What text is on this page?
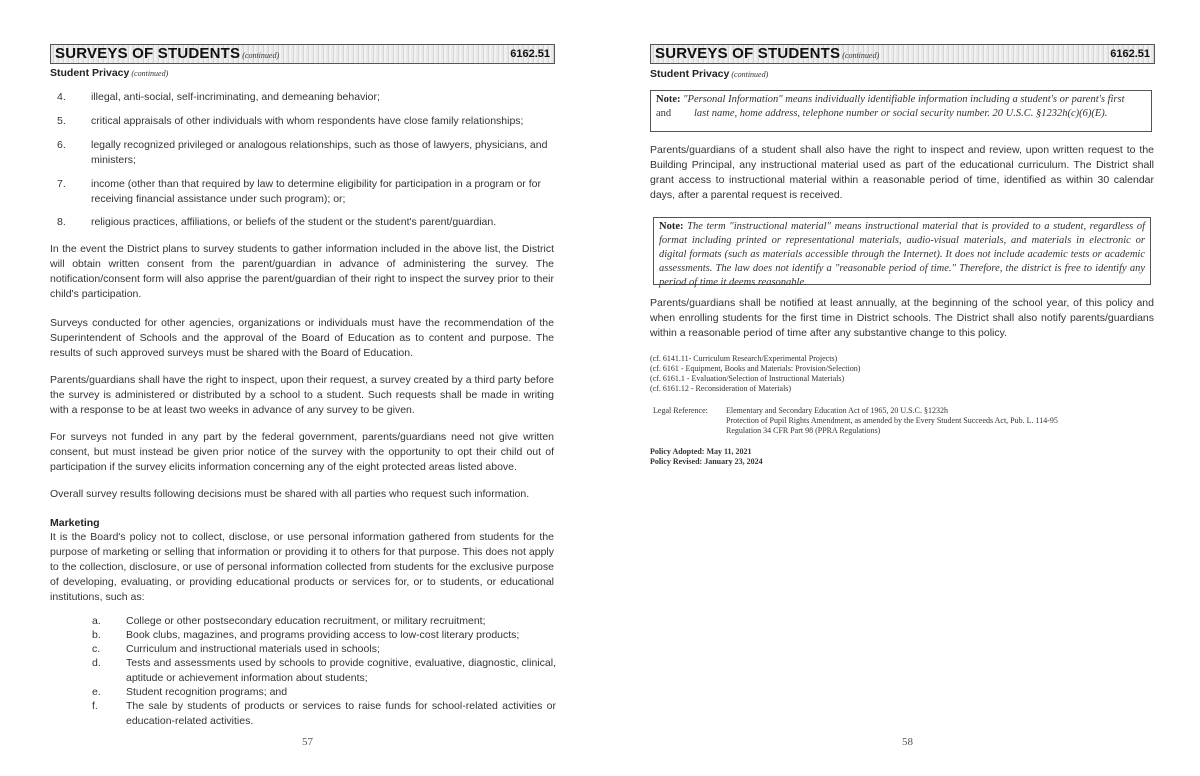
SURVEYS OF STUDENTS (continued)	6162.51
Student Privacy (continued)
4. illegal, anti-social, self-incriminating, and demeaning behavior;
5. critical appraisals of other individuals with whom respondents have close family relationships;
6. legally recognized privileged or analogous relationships, such as those of lawyers, physicians, and ministers;
7. income (other than that required by law to determine eligibility for participation in a program or for receiving financial assistance under such program); or;
8. religious practices, affiliations, or beliefs of the student or the student's parent/guardian.
In the event the District plans to survey students to gather information included in the above list, the District will obtain written consent from the parent/guardian in advance of administering the survey. The notification/consent form will also apprise the parent/guardian of their right to inspect the survey prior to their child's participation.
Surveys conducted for other agencies, organizations or individuals must have the recommendation of the Superintendent of Schools and the approval of the Board of Education as to content and purpose. The results of such approved surveys must be shared with the Board of Education.
Parents/guardians shall have the right to inspect, upon their request, a survey created by a third party before the survey is administered or distributed by a school to a student. Such requests shall be made in writing with a response to be at least two weeks in advance of any survey to be given.
For surveys not funded in any part by the federal government, parents/guardians need not give written consent, but must instead be given prior notice of the survey with the opportunity to opt their child out of participation if the survey elicits information concerning any of the eight protected areas listed above.
Overall survey results following decisions must be shared with all parties who request such information.
Marketing
It is the Board's policy not to collect, disclose, or use personal information gathered from students for the purpose of marketing or selling that information or providing it to others for that purpose. This does not apply to the collection, disclosure, or use of personal information collected from students for the exclusive purpose of developing, evaluating, or providing educational products or services for, or to students, or educational institutions, such as:
a. College or other postsecondary education recruitment, or military recruitment;
b. Book clubs, magazines, and programs providing access to low-cost literary products;
c. Curriculum and instructional materials used in schools;
d. Tests and assessments used by schools to provide cognitive, evaluative, diagnostic, clinical, aptitude or achievement information about students;
e. Student recognition programs; and
f.	The sale by students of products or services to raise funds for school-related activities or education-related activities.
57
SURVEYS OF STUDENTS (continued)	6162.51
Student Privacy (continued)
Note: "Personal Information" means individually identifiable information including a student's or parent's first
and last name, home address, telephone number or social security number. 20 U.S.C. §1232h(c)(6)(E).
Parents/guardians of a student shall also have the right to inspect and review, upon written request to the Building Principal, any instructional material used as part of the educational curriculum. The District shall grant access to instructional material within a reasonable period of time, identified as within 30 calendar days, after a parental request is received.
Note: The term "instructional material" means instructional material that is provided to a student, regardless of format including printed or representational materials, audio-visual materials, and materials in electronic or digital formats (such as materials accessible through the Internet). It does not include academic tests or academic assessments. The law does not identify a "reasonable period of time." Therefore, the district is free to identify any period of time it deems reasonable.
Parents/guardians shall be notified at least annually, at the beginning of the school year, of this policy and when enrolling students for the first time in District schools. The District shall also notify parents/guardians within a reasonable period of time after any substantive change to this policy.
(cf. 6141.11- Curriculum Research/Experimental Projects)
(cf. 6161 - Equipment, Books and Materials: Provision/Selection)
(cf. 6161.1 - Evaluation/Selection of Instructional Materials)
(cf. 6161.12 - Reconsideration of Materials)
Legal Reference:	Elementary and Secondary Education Act of 1965, 20 U.S.C. §1232h
Protection of Pupil Rights Amendment, as amended by the Every Student Succeeds Act, Pub. L. 114-95
Regulation 34 CFR Part 98 (PPRA Regulations)
Policy Adopted: May 11, 2021
Policy Revised: January 23, 2024
58
